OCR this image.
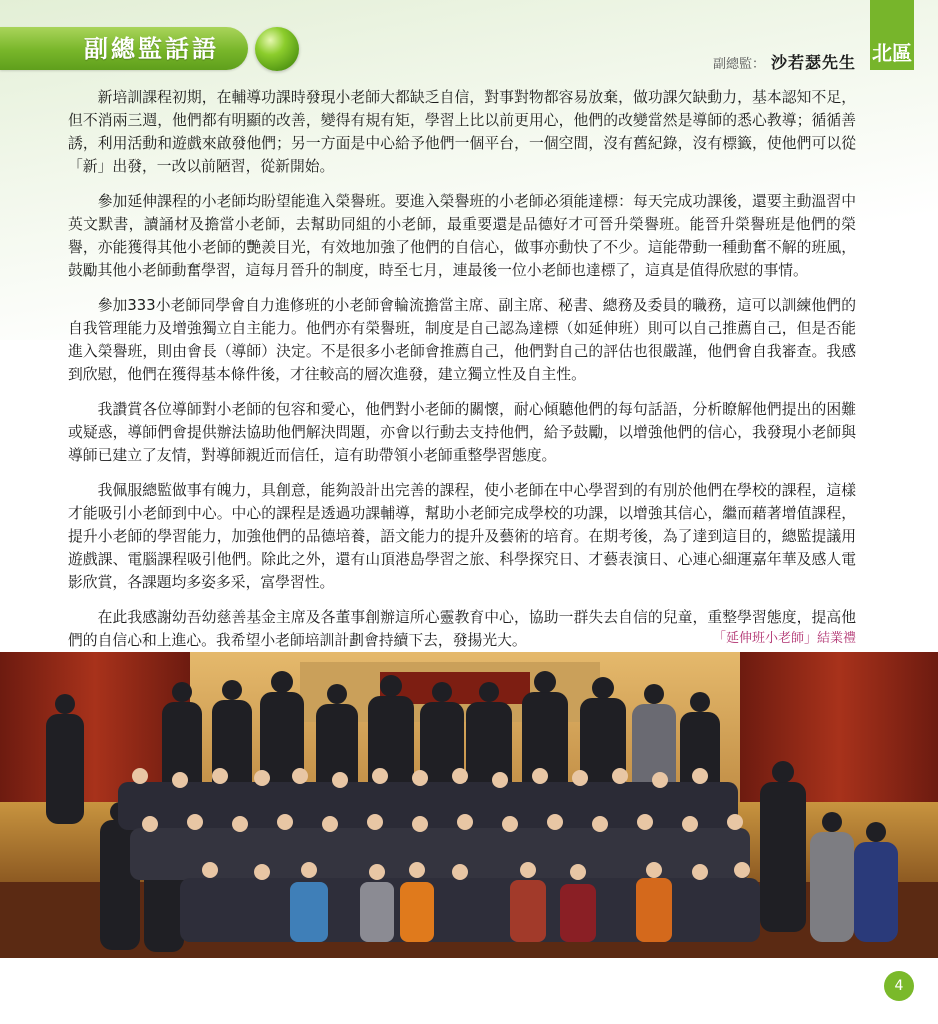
副總監話語	北區
副總監： 沙若瑟先生

新培訓課程初期，在輔導功課時發現小老師大都缺乏自信，對事對物都容易放棄，做功課欠缺動力，基本認知不足，但不消兩三週，他們都有明顯的改善，變得有規有矩，學習上比以前更用心，他們的改變當然是導師的悉心教導；循循善誘，利用活動和遊戲來啟發他們；另一方面是中心給予他們一個平台，一個空間，沒有舊紀錄，沒有標籤，使他們可以從「新」出發，一改以前陋習，從新開始。

參加延伸課程的小老師均盼望能進入榮譽班。要進入榮譽班的小老師必須能達標：每天完成功課後，還要主動溫習中英文默書，讀誦材及擔當小老師，去幫助同組的小老師，最重要還是品德好才可晉升榮譽班。能晉升榮譽班是他們的榮譽，亦能獲得其他小老師的艷羨目光，有效地加強了他們的自信心，做事亦動快了不少。這能帶動一種動奮不解的班風，鼓勵其他小老師動奮學習，這每月晉升的制度，時至七月，連最後一位小老師也達標了，這真是值得欣慰的事情。

參加333小老師同學會自力進修班的小老師會輪流擔當主席、副主席、秘書、總務及委員的職務，這可以訓練他們的自我管理能力及增強獨立自主能力。他們亦有榮譽班，制度是自己認為達標（如延伸班）則可以自己推薦自己，但是否能進入榮譽班，則由會長（導師）決定。不是很多小老師會推薦自己，他們對自己的評估也很嚴謹，他們會自我審查。我感到欣慰，他們在獲得基本條件後，才往較高的層次進發，建立獨立性及自主性。

我讚賞各位導師對小老師的包容和愛心，他們對小老師的關懷，耐心傾聽他們的每句話語，分析瞭解他們提出的困難或疑惑，導師們會提供辦法協助他們解決問題，亦會以行動去支持他們，給予鼓勵，以增強他們的信心，我發現小老師與導師已建立了友情，對導師親近而信任，這有助帶領小老師重整學習態度。

我佩服總監做事有魄力，具創意，能夠設計出完善的課程，使小老師在中心學習到的有別於他們在學校的課程，這樣才能吸引小老師到中心。中心的課程是透過功課輔導，幫助小老師完成學校的功課，以增強其信心，繼而藉著增值課程，提升小老師的學習能力，加強他們的品德培養，語文能力的提升及藝術的培育。在期考後，為了達到這目的，總監提議用遊戲課、電腦課程吸引他們。除此之外，還有山頂港島學習之旅、科學探究日、才藝表演日、心連心細運嘉年華及感人電影欣賞，各課題均多姿多采，富學習性。

在此我感謝幼吾幼慈善基金主席及各董事創辦這所心靈教育中心，協助一群失去自信的兒童，重整學習態度，提高他們的自信心和上進心。我希望小老師培訓計劃會持續下去，發揚光大。	「延伸班小老師」結業禮
4
